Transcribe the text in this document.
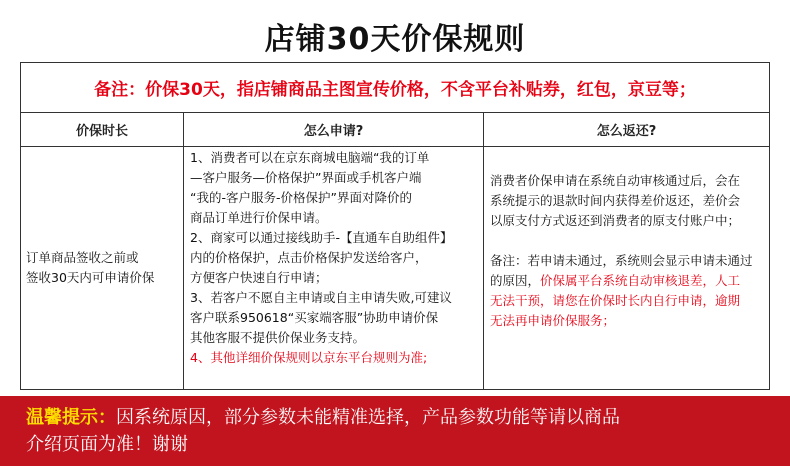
店铺30天价保规则
备注：价保30天，指店铺商品主图宣传价格，不含平台补贴券，红包，京豆等；
价保时长	怎么申请?	怎么返还?
订单商品签收之前或
签收30天内可申请价保

1、消费者可以在京东商城电脑端“我的订单

—客户服务—价格保护”界面或手机客户端

“我的-客户服务-价格保护”界面对降价的

商品订单进行价保申请。

2、商家可以通过接线助手-【直通车自助组件】

内的价格保护，点击价格保护发送给客户，

方便客户快速自行申请；

3、若客户不愿自主申请或自主申请失败,可建议

客户联系950618“买家端客服”协助申请价保

其他客服不提供价保业务支持。

4、其他详细价保规则以京东平台规则为准;

消费者价保申请在系统自动审核通过后，会在

系统提示的退款时间内获得差价返还，差价会

以原支付方式返还到消费者的原支付账户中；

备注：若申请未通过，系统则会显示申请未通过

的原因，价保属平台系统自动审核退差，人工

无法干预，请您在价保时长内自行申请，逾期

无法再申请价保服务；

温馨提示：因系统原因，部分参数未能精准选择，产品参数功能等请以商品
介绍页面为准！谢谢
